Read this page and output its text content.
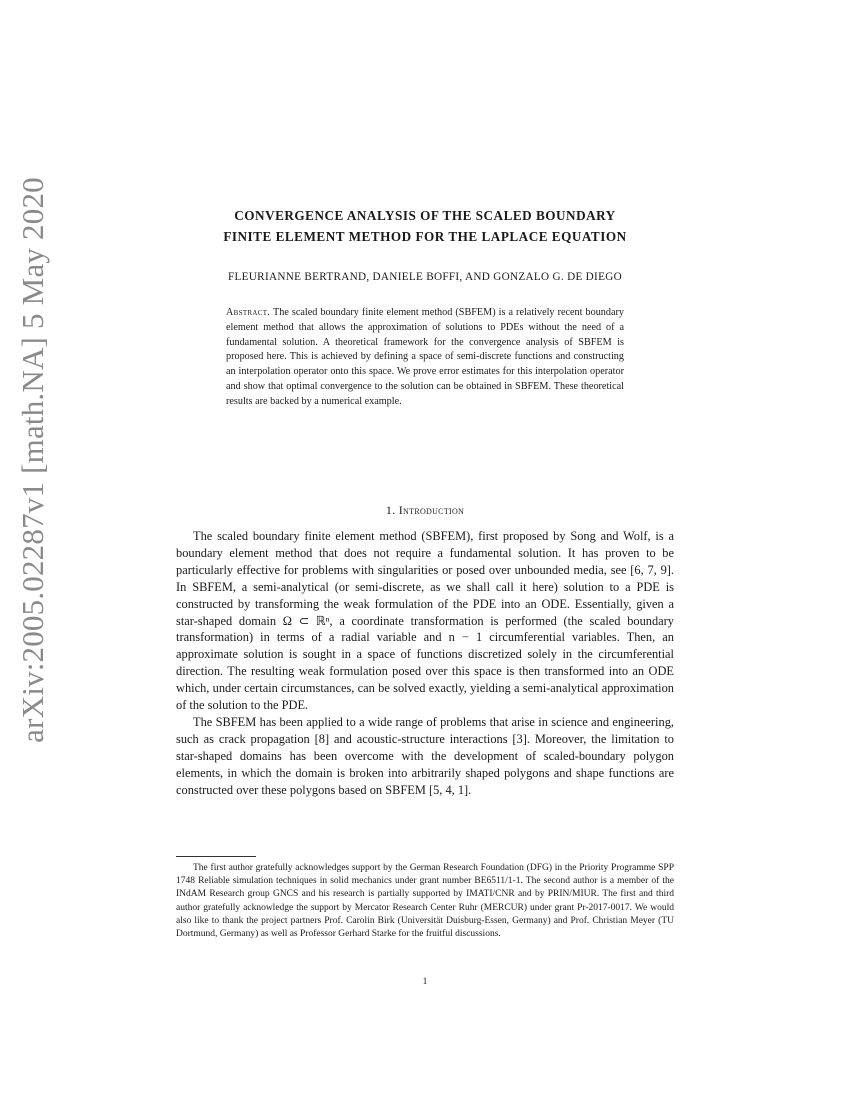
arXiv:2005.02287v1 [math.NA] 5 May 2020	CONVERGENCE ANALYSIS OF THE SCALED BOUNDARY
FINITE ELEMENT METHOD FOR THE LAPLACE EQUATION
FLEURIANNE BERTRAND, DANIELE BOFFI, AND GONZALO G. DE DIEGO
Abstract. The scaled boundary finite element method (SBFEM) is a relatively recent boundary element method that allows the approximation of solutions to PDEs without the need of a fundamental solution. A theoretical framework for the convergence analysis of SBFEM is proposed here. This is achieved by defining a space of semi-discrete functions and constructing an interpolation operator onto this space. We prove error estimates for this interpolation operator and show that optimal convergence to the solution can be obtained in SBFEM. These theoretical results are backed by a numerical example.
1. Introduction

The scaled boundary finite element method (SBFEM), first proposed by Song and Wolf, is a boundary element method that does not require a fundamental solution. It has proven to be particularly effective for problems with singularities or posed over unbounded media, see [6, 7, 9]. In SBFEM, a semi-analytical (or semi-discrete, as we shall call it here) solution to a PDE is constructed by transforming the weak formulation of the PDE into an ODE. Essentially, given a star-shaped domain Ω ⊂ ℝⁿ, a coordinate transformation is performed (the scaled boundary transformation) in terms of a radial variable and n − 1 circumferential variables. Then, an approximate solution is sought in a space of functions discretized solely in the circumferential direction. The resulting weak formulation posed over this space is then transformed into an ODE which, under certain circumstances, can be solved exactly, yielding a semi-analytical approximation of the solution to the PDE.

The SBFEM has been applied to a wide range of problems that arise in science and engineering, such as crack propagation [8] and acoustic-structure interactions [3]. Moreover, the limitation to star-shaped domains has been overcome with the development of scaled-boundary polygon elements, in which the domain is broken into arbitrarily shaped polygons and shape functions are constructed over these polygons based on SBFEM [5, 4, 1].

The first author gratefully acknowledges support by the German Research Foundation (DFG) in the Priority Programme SPP 1748 Reliable simulation techniques in solid mechanics under grant number BE6511/1-1. The second author is a member of the INdAM Research group GNCS and his research is partially supported by IMATI/CNR and by PRIN/MIUR. The first and third author gratefully acknowledge the support by Mercator Research Center Ruhr (MERCUR) under grant Pr-2017-0017. We would also like to thank the project partners Prof. Carolin Birk (Universität Duisburg-Essen, Germany) and Prof. Christian Meyer (TU Dortmund, Germany) as well as Professor Gerhard Starke for the fruitful discussions.
1
